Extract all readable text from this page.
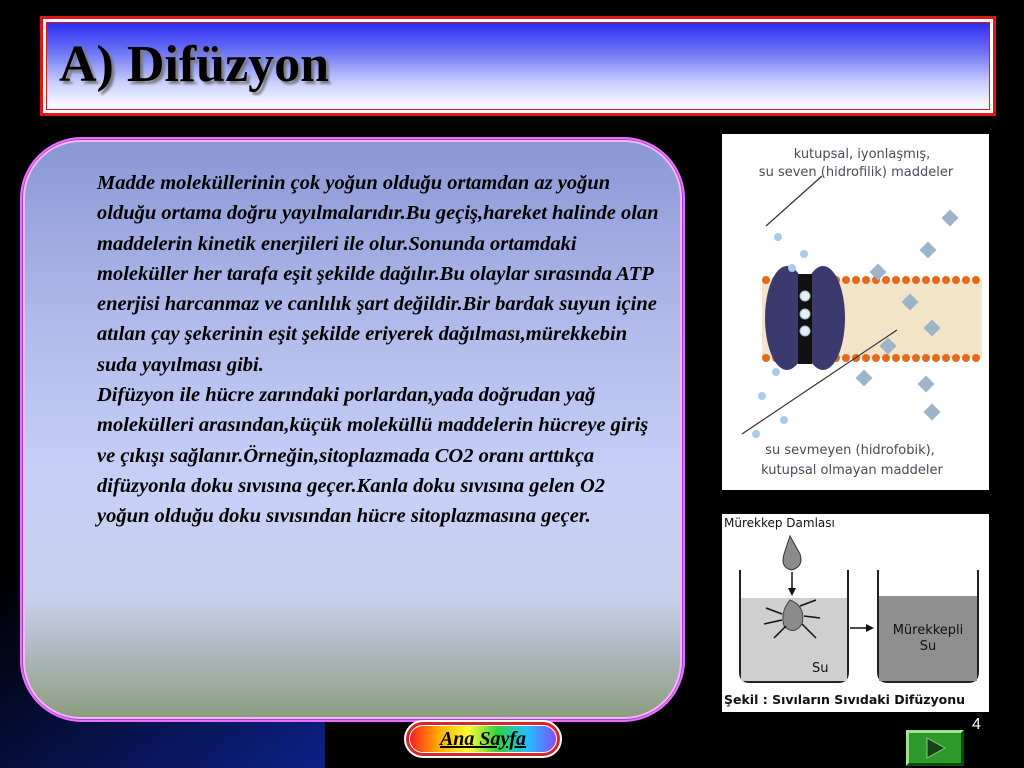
A) Difüzyon

Madde moleküllerinin çok yoğun olduğu ortamdan az yoğun olduğu ortama doğru yayılmalarıdır.Bu geçiş,hareket halinde olan maddelerin kinetik enerjileri ile olur.Sonunda ortamdaki moleküller her tarafa eşit şekilde dağılır.Bu olaylar sırasında ATP enerjisi harcanmaz ve canlılık şart değildir.Bir bardak suyun içine atılan çay şekerinin eşit şekilde eriyerek dağılması,mürekkebin suda yayılması gibi.
Difüzyon ile hücre zarındaki porlardan,yada doğrudan yağ molekülleri arasından,küçük moleküllü maddelerin hücreye giriş ve çıkışı sağlanır.Örneğin,sitoplazmada CO2 oranı arttıkça difüzyonla doku sıvısına geçer.Kanla doku sıvısına gelen O2 yoğun olduğu doku sıvısından hücre sitoplazmasına geçer.

kutupsal, iyonlaşmış,
su seven (hidrofilik) maddeler
su sevmeyen (hidrofobik),
kutupsal olmayan maddeler
Mürekkep Damlası
Su
Mürekkepli
Su
Şekil : Sıvıların Sıvıdaki Difüzyonu
4
Ana Sayfa
